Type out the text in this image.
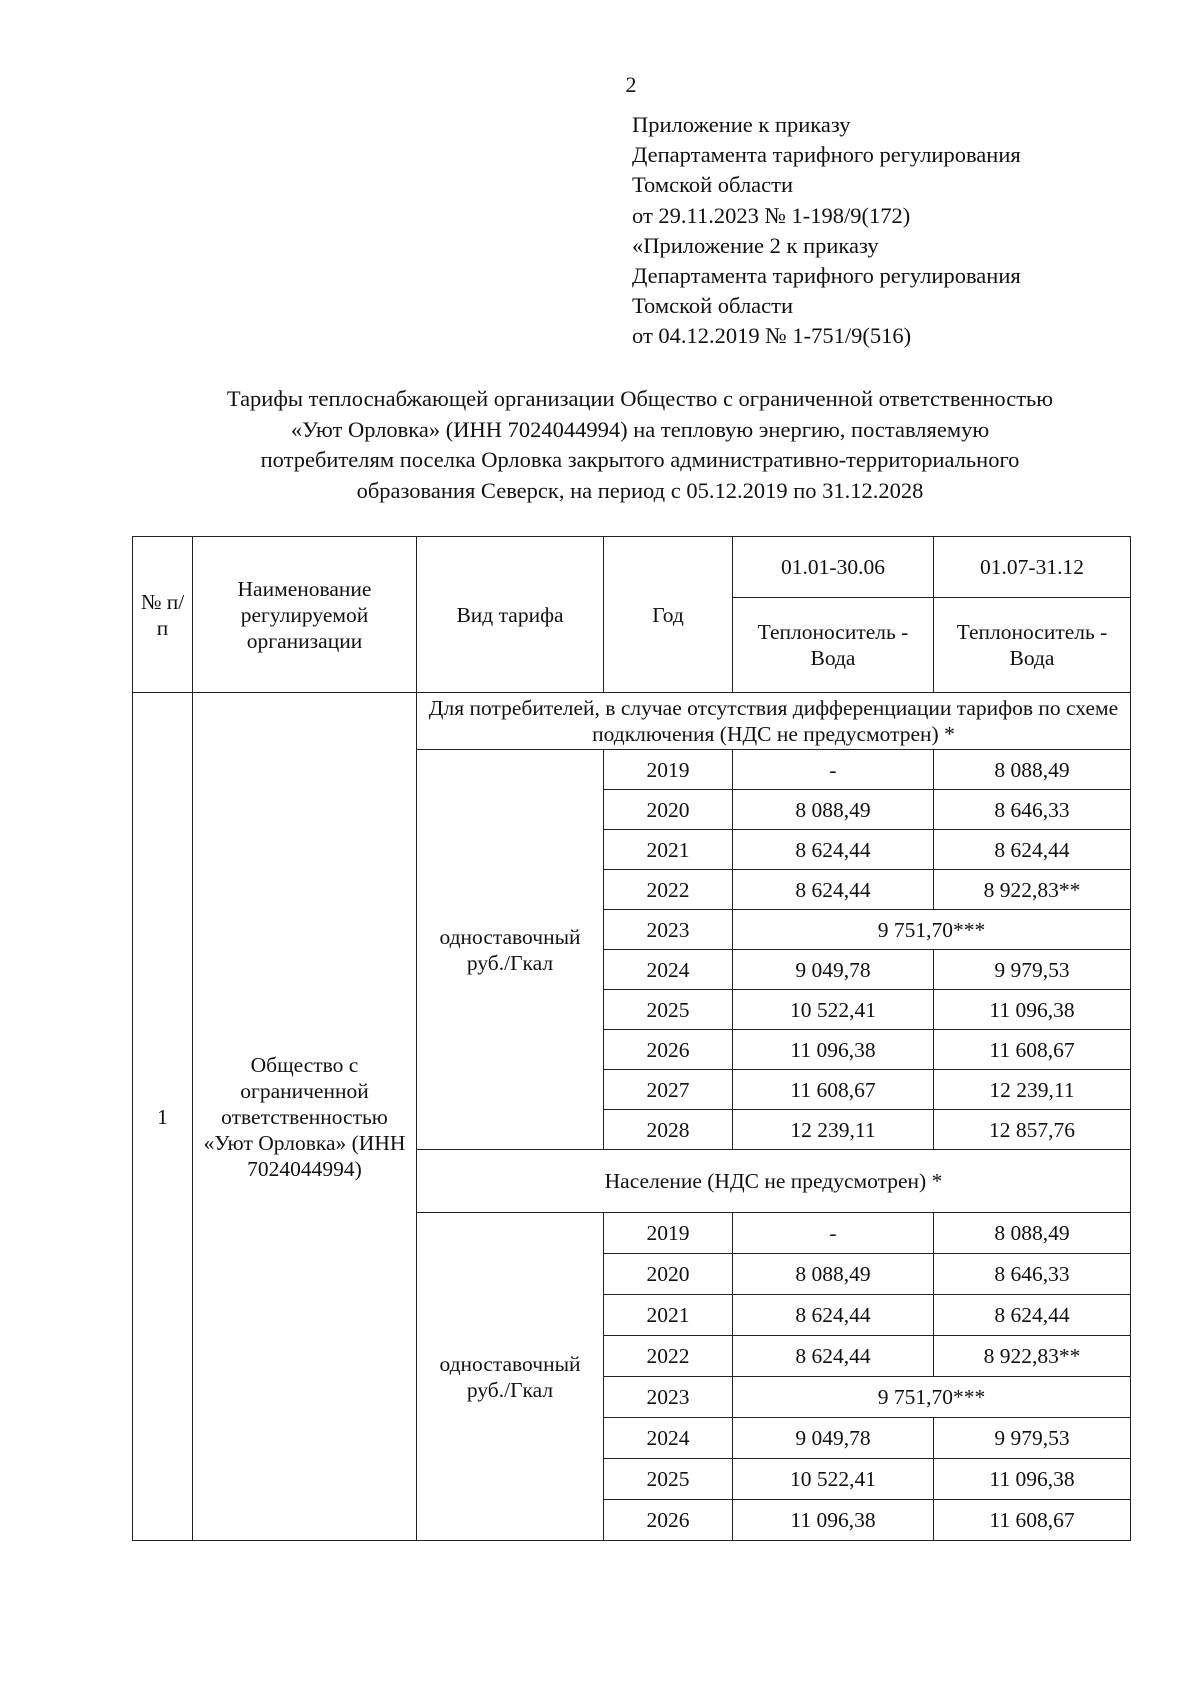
2
Приложение к приказу
Департамента тарифного регулирования
Томской области
от 29.11.2023 № 1-198/9(172)
«Приложение 2 к приказу
Департамента тарифного регулирования
Томской области
от 04.12.2019 № 1-751/9(516)
Тарифы теплоснабжающей организации Общество с ограниченной ответственностью
«Уют Орловка» (ИНН 7024044994) на тепловую энергию, поставляемую
потребителям поселка Орловка закрытого административно-территориального
образования Северск, на период с 05.12.2019 по 31.12.2028
№ п/п	Наименование регулируемой организации	Вид тарифа	Год	01.01-30.06	01.07-31.12
				Теплоноситель - Вода	Теплоноситель - Вода
1	Общество с ограниченной ответственностью «Уют Орловка» (ИНН 7024044994)	Для потребителей, в случае отсутствия дифференциации тарифов по схеме подключения (НДС не предусмотрен) *			
		одноставочный руб./Гкал	2019	-	8 088,49
			2020	8 088,49	8 646,33
			2021	8 624,44	8 624,44
			2022	8 624,44	8 922,83**
			2023	9 751,70***	
			2024	9 049,78	9 979,53
			2025	10 522,41	11 096,38
			2026	11 096,38	11 608,67
			2027	11 608,67	12 239,11
			2028	12 239,11	12 857,76
		Население (НДС не предусмотрен) *			
		одноставочный руб./Гкал	2019	-	8 088,49
			2020	8 088,49	8 646,33
			2021	8 624,44	8 624,44
			2022	8 624,44	8 922,83**
			2023	9 751,70***	
			2024	9 049,78	9 979,53
			2025	10 522,41	11 096,38
			2026	11 096,38	11 608,67
